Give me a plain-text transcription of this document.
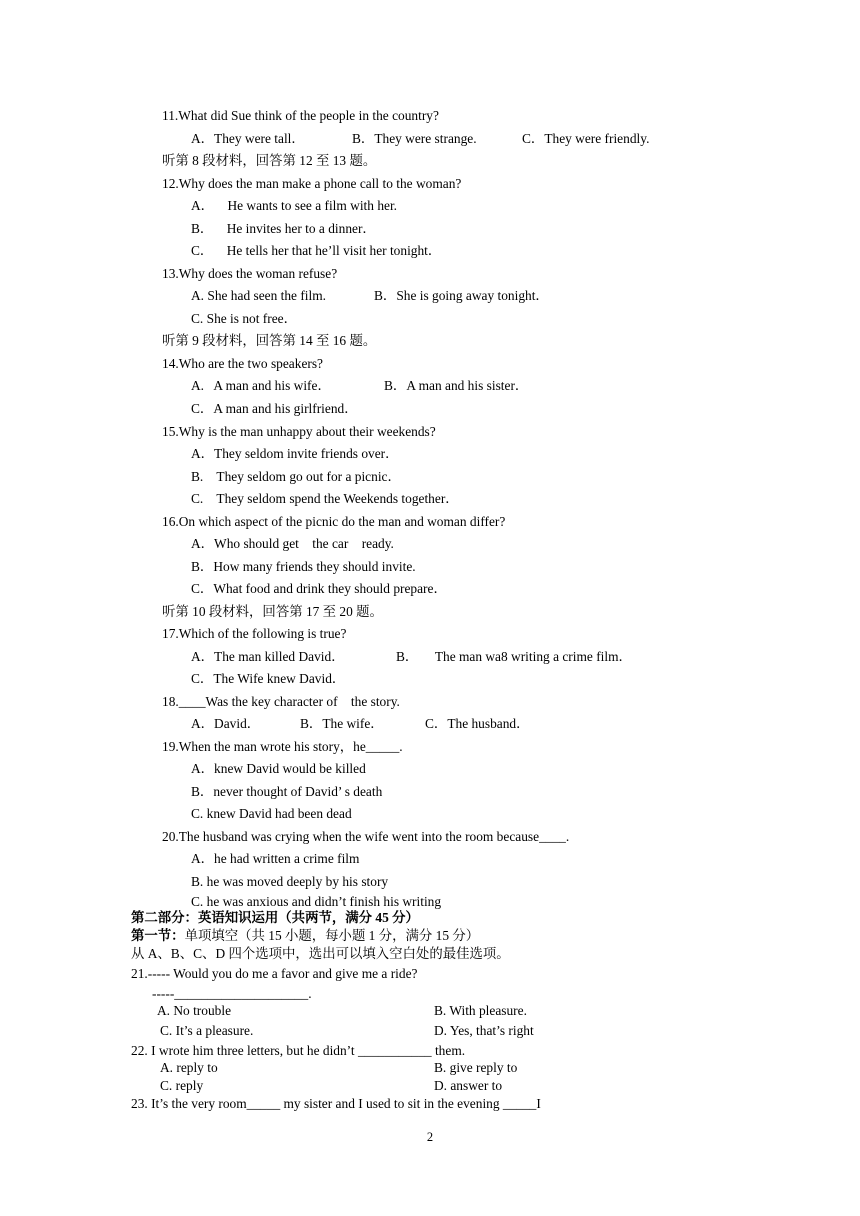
11.What did Sue think of the people in the country?
A．They were tall．	B．They were strange.	C．They were friendly.
听第 8 段材料，回答第 12 至 13 题。
12.Why does the man make a phone call to the woman?
A．    He wants to see a film with her.
B．    He invites her to a dinner．
C．    He tells her that he’ll visit her tonight．
13.Why does the woman refuse?
A. She had seen the film.	B．She is going away tonight．
C. She is not free．
听第 9 段材料，回答第 14 至 16 题。
14.Who are the two speakers?
A.   A man and his wife．	B．A man and his sister．
C．A man and his girlfriend．
15.Why is the man unhappy about their weekends?
A．They seldom invite friends over．
B.    They seldom go out for a picnic．
C.    They seldom spend the Weekends together．
16.On which aspect of the picnic do the man and woman differ?
A．Who should get    the car    ready.
B．How many friends they should invite.
C．What food and drink they should prepare．
听第 10 段材料，回答第 17 至 20 题。
17.Which of the following is true?
A．The man killed David．	B．     The man wa8 writing a crime film．
C．The Wife knew David．
18.____Was the key character of    the story.
A．David．	B．The wife．	C．The husband．
19.When the man wrote his story，he_____.
A．knew David would be killed
B．never thought of David’ s death
C. knew David had been dead
20.The husband was crying when the wife went into the room because____.
A．he had written a crime film
B. he was moved deeply by his story
C. he was anxious and didn’t finish his writing
第二部分：英语知识运用（共两节，满分 45 分）
第一节：单项填空（共 15 小题，每小题 1 分，满分 15 分）
从 A、B、C、D 四个选项中，选出可以填入空白处的最佳选项。
21.----- Would you do me a favor and give me a ride?
-----____________________.
A. No trouble	B. With pleasure.
C. It’s a pleasure.	D. Yes, that’s right
22. I wrote him three letters, but he didn’t ___________ them.
A. reply to	B. give reply to
C. reply	D. answer to
23. It’s the very room_____ my sister and I used to sit in the evening _____I
2
